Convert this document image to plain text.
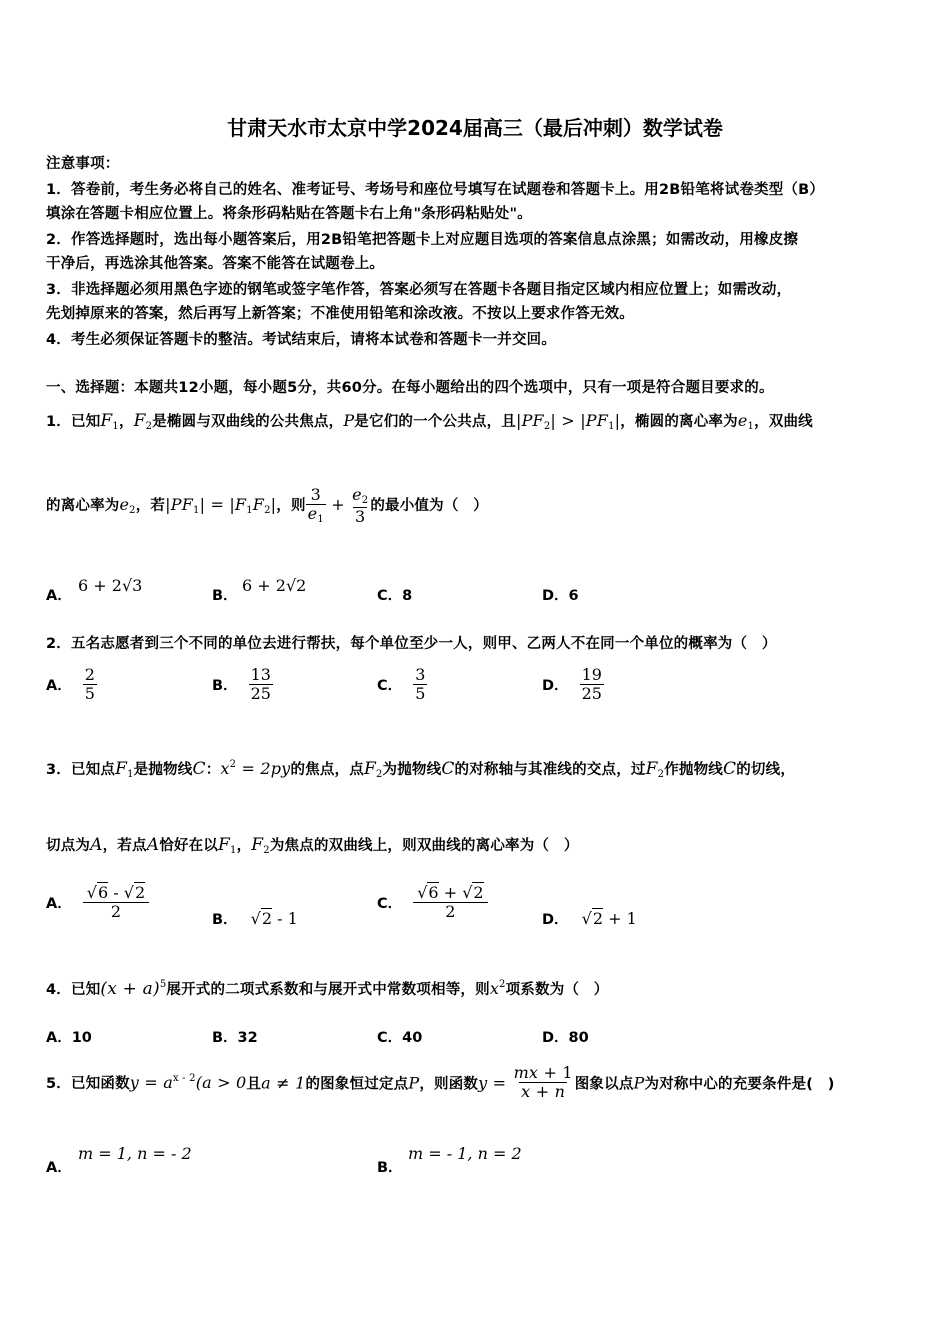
甘肃天水市太京中学2024届高三（最后冲刺）数学试卷
注意事项：
1．答卷前，考生务必将自己的姓名、准考证号、考场号和座位号填写在试题卷和答题卡上。用2B铅笔将试卷类型（B）
填涂在答题卡相应位置上。将条形码粘贴在答题卡右上角"条形码粘贴处"。
2．作答选择题时，选出每小题答案后，用2B铅笔把答题卡上对应题目选项的答案信息点涂黑；如需改动，用橡皮擦
干净后，再选涂其他答案。答案不能答在试题卷上。
3．非选择题必须用黑色字迹的钢笔或签字笔作答，答案必须写在答题卡各题目指定区域内相应位置上；如需改动，
先划掉原来的答案，然后再写上新答案；不准使用铅笔和涂改液。不按以上要求作答无效。
4．考生必须保证答题卡的整洁。考试结束后，请将本试卷和答题卡一并交回。
一、选择题：本题共12小题，每小题5分，共60分。在每小题给出的四个选项中，只有一项是符合题目要求的。
1．已知$F_1$，$F_2$是椭圆与双曲线的公共焦点，P是它们的一个公共点，且$|PF_2| > |PF_1|$，椭圆的离心率为$e_1$，双曲线
的离心率为$e_2$，若$|PF_1| = |F_1F_2|$，则 $\frac{3}{e_1} + \frac{e_2}{3}$ 的最小值为（　）
A．
6 + 2√3
B．
6 + 2√2
C．8	D．6
2．五名志愿者到三个不同的单位去进行帮扶，每个单位至少一人，则甲、乙两人不在同一个单位的概率为（　）
A． $\frac{2}{5}$	B． $\frac{13}{25}$	C． $\frac{3}{5}$	D． $\frac{19}{25}$
3．已知点$F_1$是抛物线C：$x^2 = 2py$的焦点，点$F_2$为抛物线C的对称轴与其准线的交点，过$F_2$作抛物线C的切线，
切点为A，若点A恰好在以$F_1$，$F_2$为焦点的双曲线上，则双曲线的离心率为（　）
A． $\frac{√6 - √2}{2}$	B． √2 - 1
C． $\frac{√6 + √2}{2}$	D． √2 + 1
4．已知$(x + a)^5$展开式的二项式系数和与展开式中常数项相等，则$x^2$项系数为（　）
A．10	B．32	C．40	D．80
5．已知函数$y = a^{x - 2}(a > 0$且a ≠ 1的图象恒过定点P，则函数$y = \frac{mx + 1}{x + n}$ 图象以点P为对称中心的充要条件是(　)
A．
m = 1, n = - 2
B．
m = - 1, n = 2
